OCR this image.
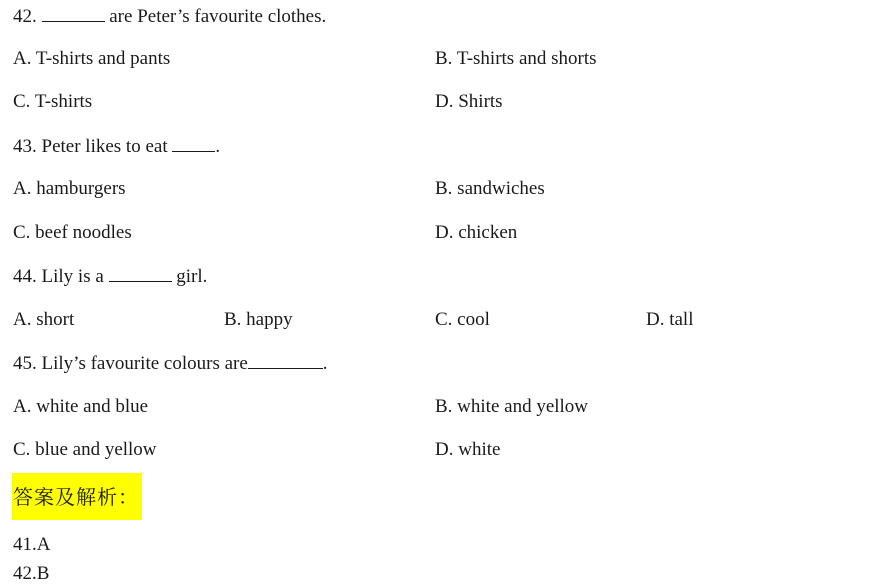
42.	are Peter’s favourite clothes.
A. T-shirts and pants	B. T-shirts and shorts
C. T-shirts	D. Shirts
43. Peter likes to eat .
A. hamburgers	B. sandwiches
C. beef noodles	D. chicken
44. Lily is a	girl.
A. short	B. happy	C. cool	D. tall
45. Lily’s favourite colours are	.
A. white and blue	B. white and yellow
C. blue and yellow	D. white
答案及解析：
41.A
42.B
